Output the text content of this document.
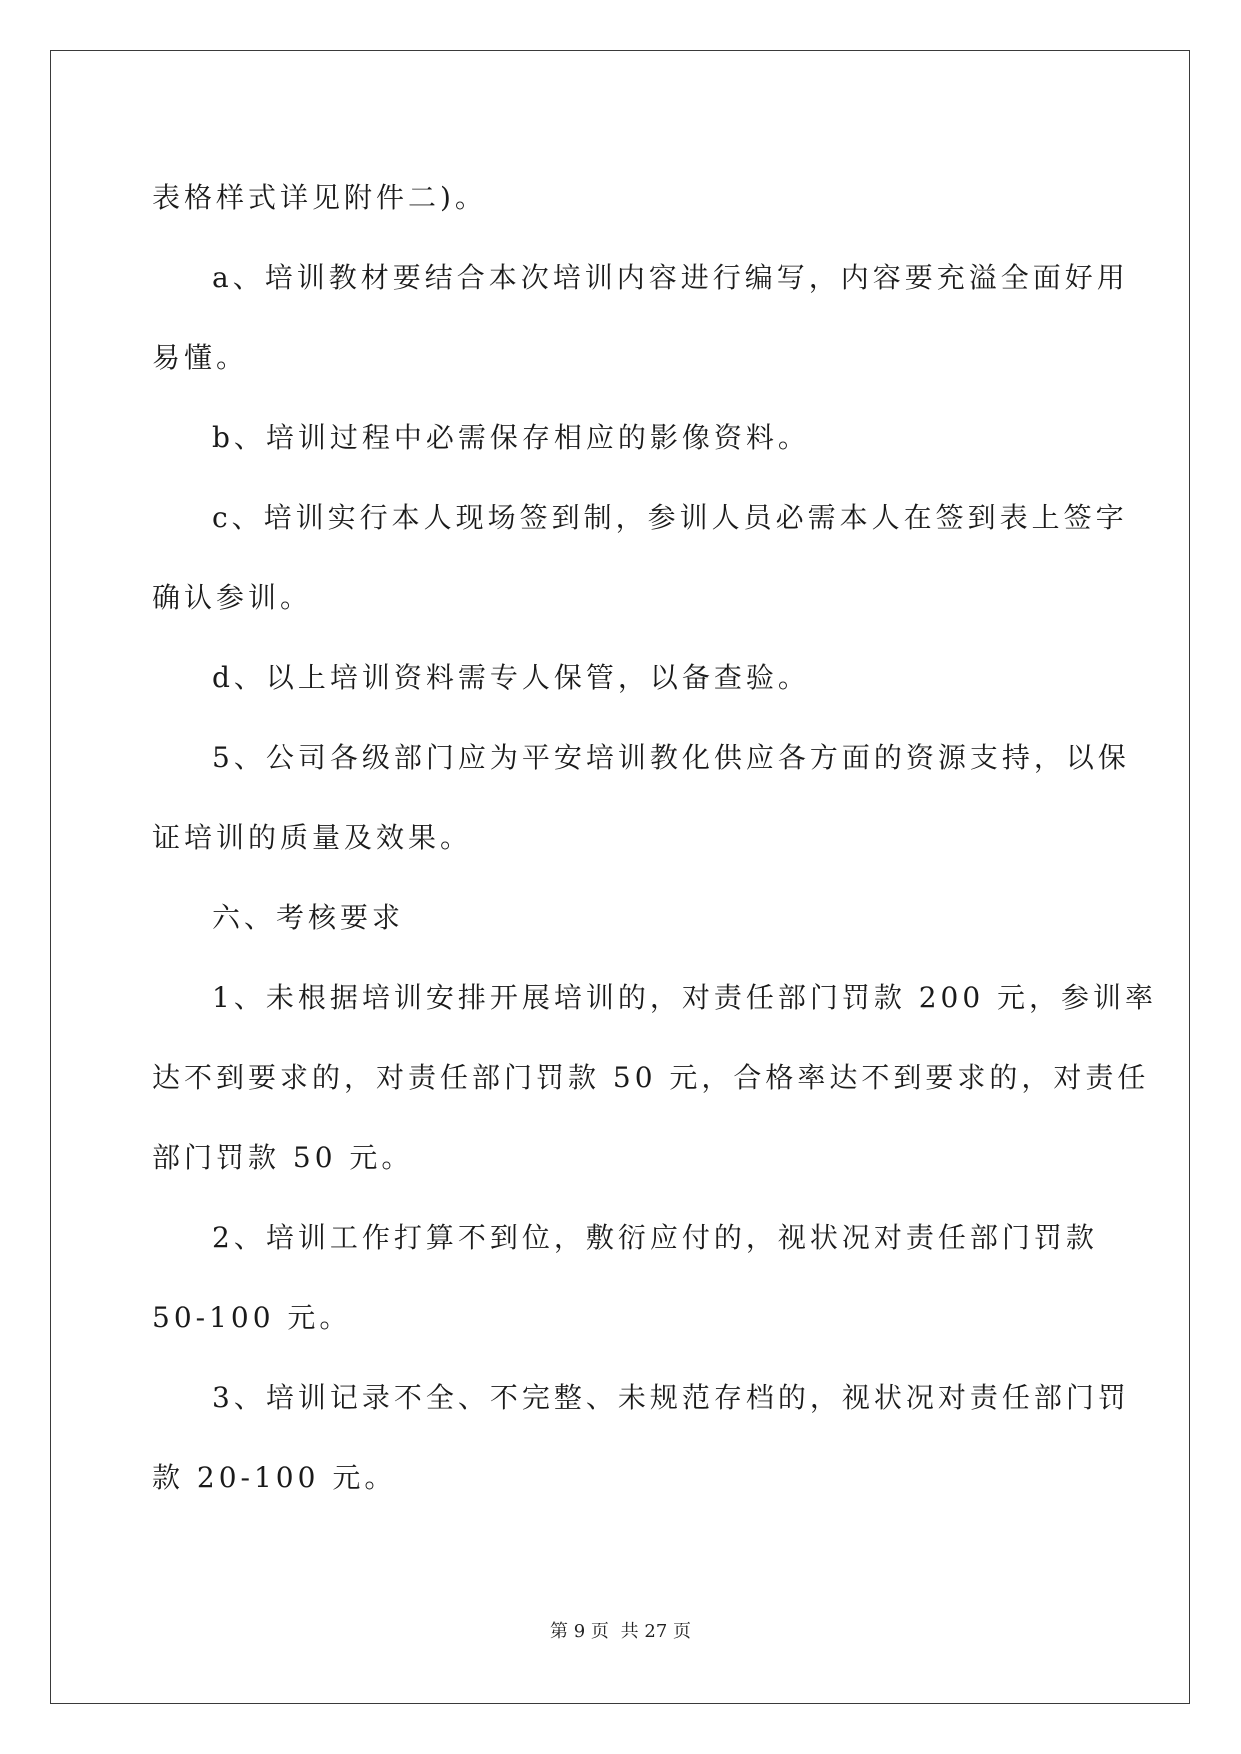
表格样式详见附件二)。
a、培训教材要结合本次培训内容进行编写，内容要充溢全面好用
易懂。
b、培训过程中必需保存相应的影像资料。
c、培训实行本人现场签到制，参训人员必需本人在签到表上签字
确认参训。
d、以上培训资料需专人保管，以备查验。
5、公司各级部门应为平安培训教化供应各方面的资源支持，以保
证培训的质量及效果。
六、考核要求
1、未根据培训安排开展培训的，对责任部门罚款 200 元，参训率
达不到要求的，对责任部门罚款 50 元，合格率达不到要求的，对责任
部门罚款 50 元。
2、培训工作打算不到位，敷衍应付的，视状况对责任部门罚款
50-100 元。
3、培训记录不全、不完整、未规范存档的，视状况对责任部门罚
款 20-100 元。
第 9 页 共 27 页
